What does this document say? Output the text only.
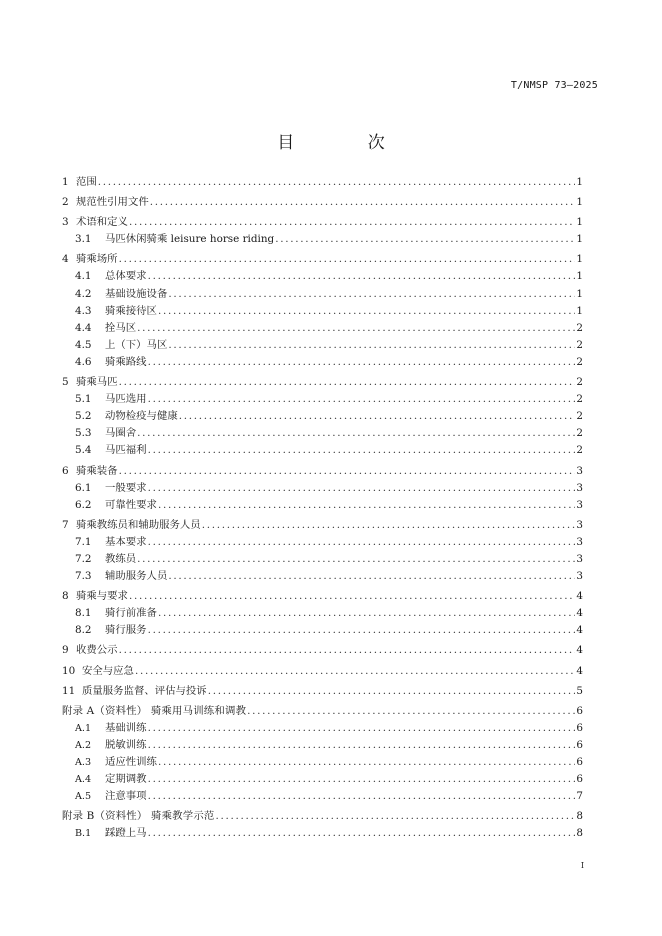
T/NMSP 73—2025
目 次
1 范围 .....	1
2 规范性引用文件 .....	1
3 术语和定义 .....	1
3.1	马匹休闲骑乘 leisure horse riding .....	1
4 骑乘场所 .....	1
4.1	总体要求 .....	1
4.2	基础设施设备 .....	1
4.3	骑乘接待区 .....	1
4.4	拴马区 .....	2
4.5	上（下）马区 .....	2
4.6	骑乘路线 .....	2
5 骑乘马匹 .....	2
5.1	马匹选用 .....	2
5.2	动物检疫与健康 .....	2
5.3	马圈舍 .....	2
5.4	马匹福利 .....	2
6 骑乘装备 .....	3
6.1	一般要求 .....	3
6.2	可靠性要求 .....	3
7 骑乘教练员和辅助服务人员 .....	3
7.1	基本要求 .....	3
7.2	教练员 .....	3
7.3	辅助服务人员 .....	3
8 骑乘与要求 .....	4
8.1	骑行前准备 .....	4
8.2	骑行服务 .....	4
9 收费公示 .....	4
10 安全与应急 .....	4
11 质量服务监督、评估与投诉 .....	5
附录 A（资料性） 骑乘用马训练和调教 .....	6
A.1	基础训练 .....	6
A.2	脱敏训练 .....	6
A.3	适应性训练 .....	6
A.4	定期调教 .....	6
A.5	注意事项 .....	7
附录 B（资料性） 骑乘教学示范 .....	8
B.1	踩蹬上马 .....	8
I
